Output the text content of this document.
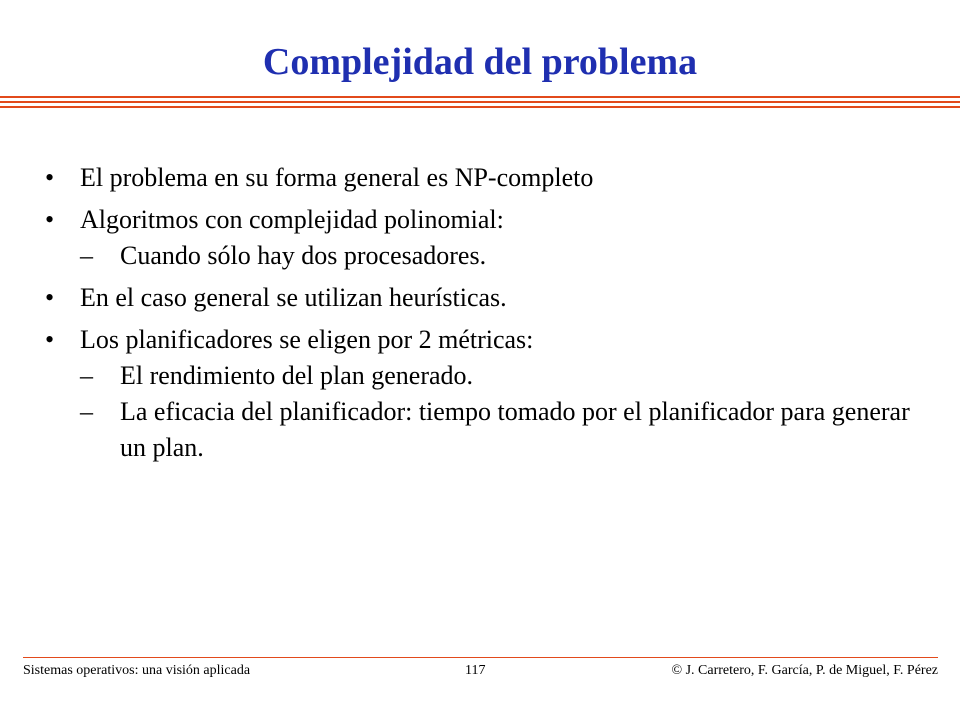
Complejidad del problema
• El problema en su forma general es NP-completo
• Algoritmos con complejidad polinomial:
– Cuando sólo hay dos procesadores.
• En el caso general se utilizan heurísticas.
• Los planificadores se eligen por 2 métricas:
– El rendimiento del plan generado.
– La eficacia del planificador: tiempo tomado por el planificador para generar un plan.
Sistemas operativos: una visión aplicada	117	© J. Carretero, F. García, P. de Miguel, F. Pérez
